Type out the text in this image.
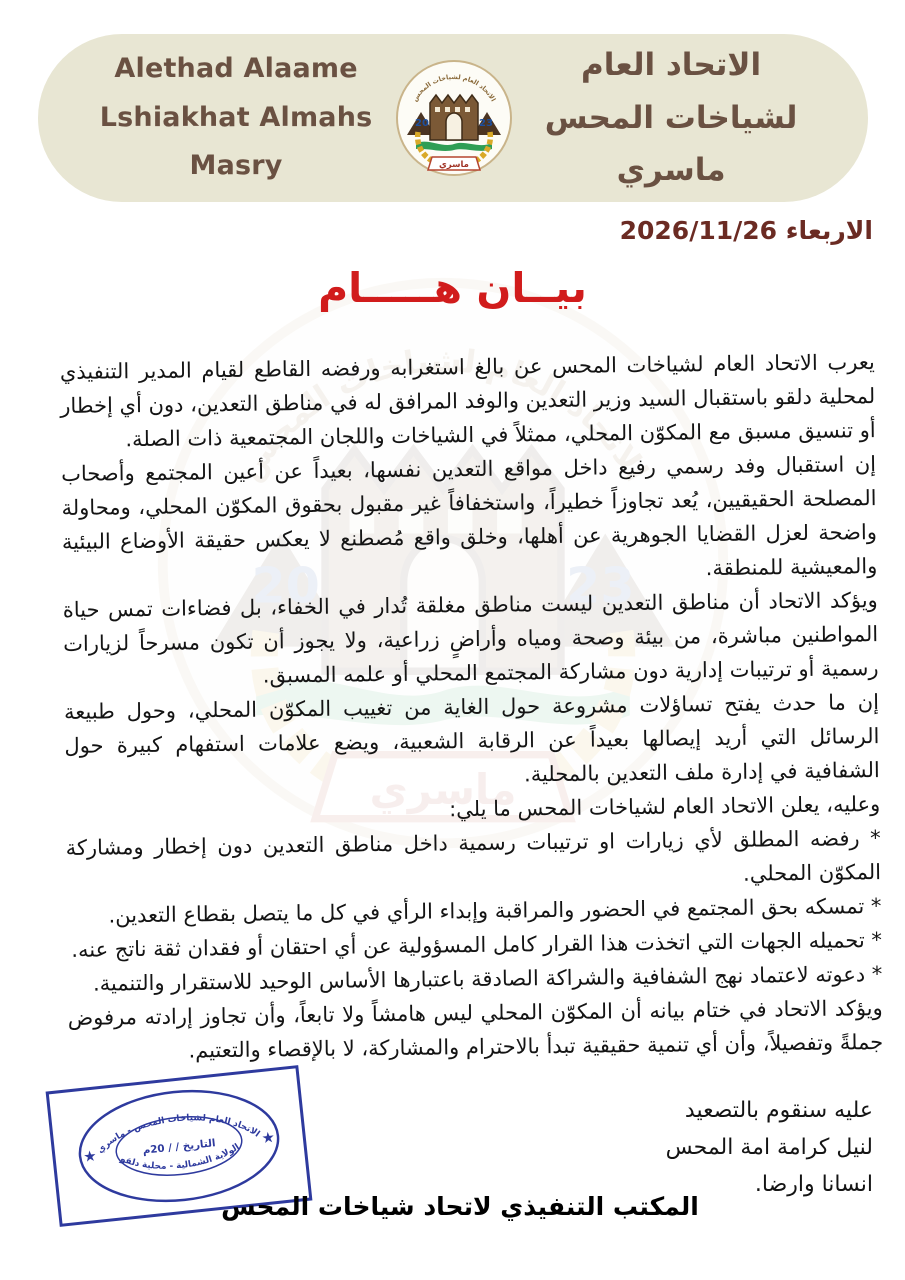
Alethad Alaame
Lshiakhat Almahs Masry
الاتحاد العام
لشياخات المحس ماسري
الاربعاء 2026/11/26
بيــان هـــــام

يعرب الاتحاد العام لشياخات المحس عن بالغ استغرابه ورفضه القاطع لقيام المدير التنفيذي لمحلية دلقو باستقبال السيد وزير التعدين والوفد المرافق له في مناطق التعدين، دون أي إخطار أو تنسيق مسبق مع المكوّن المحلي، ممثلاً في الشياخات واللجان المجتمعية ذات الصلة.

إن استقبال وفد رسمي رفيع داخل مواقع التعدين نفسها، بعيداً عن أعين المجتمع وأصحاب المصلحة الحقيقيين، يُعد تجاوزاً خطيراً، واستخفافاً غير مقبول بحقوق المكوّن المحلي، ومحاولة واضحة لعزل القضايا الجوهرية عن أهلها، وخلق واقع مُصطنع لا يعكس حقيقة الأوضاع البيئية والمعيشية للمنطقة.

ويؤكد الاتحاد أن مناطق التعدين ليست مناطق مغلقة تُدار في الخفاء، بل فضاءات تمس حياة المواطنين مباشرة، من بيئة وصحة ومياه وأراضٍ زراعية، ولا يجوز أن تكون مسرحاً لزيارات رسمية أو ترتيبات إدارية دون مشاركة المجتمع المحلي أو علمه المسبق.

إن ما حدث يفتح تساؤلات مشروعة حول الغاية من تغييب المكوّن المحلي، وحول طبيعة الرسائل التي أريد إيصالها بعيداً عن الرقابة الشعبية، ويضع علامات استفهام كبيرة حول الشفافية في إدارة ملف التعدين بالمحلية.

وعليه، يعلن الاتحاد العام لشياخات المحس ما يلي:

* رفضه المطلق لأي زيارات او ترتيبات رسمية داخل مناطق التعدين دون إخطار ومشاركة المكوّن المحلي.

* تمسكه بحق المجتمع في الحضور والمراقبة وإبداء الرأي في كل ما يتصل بقطاع التعدين.

* تحميله الجهات التي اتخذت هذا القرار كامل المسؤولية عن أي احتقان أو فقدان ثقة ناتج عنه.

* دعوته لاعتماد نهج الشفافية والشراكة الصادقة باعتبارها الأساس الوحيد للاستقرار والتنمية.

ويؤكد الاتحاد في ختام بيانه أن المكوّن المحلي ليس هامشاً ولا تابعاً، وأن تجاوز إرادته مرفوض جملةً وتفصيلاً، وأن أي تنمية حقيقية تبدأ بالاحترام والمشاركة، لا بالإقصاء والتعتيم.

عليه سنقوم بالتصعيد
لنيل كرامة امة المحس
انسانا وارضا.
الاتحاد العام لشياخات المحس - ماسري
الولاية الشمالية - محلية دلقو
★
★
التاريخ / / 20م
المكتب التنفيذي لاتحاد شياخات المحس
